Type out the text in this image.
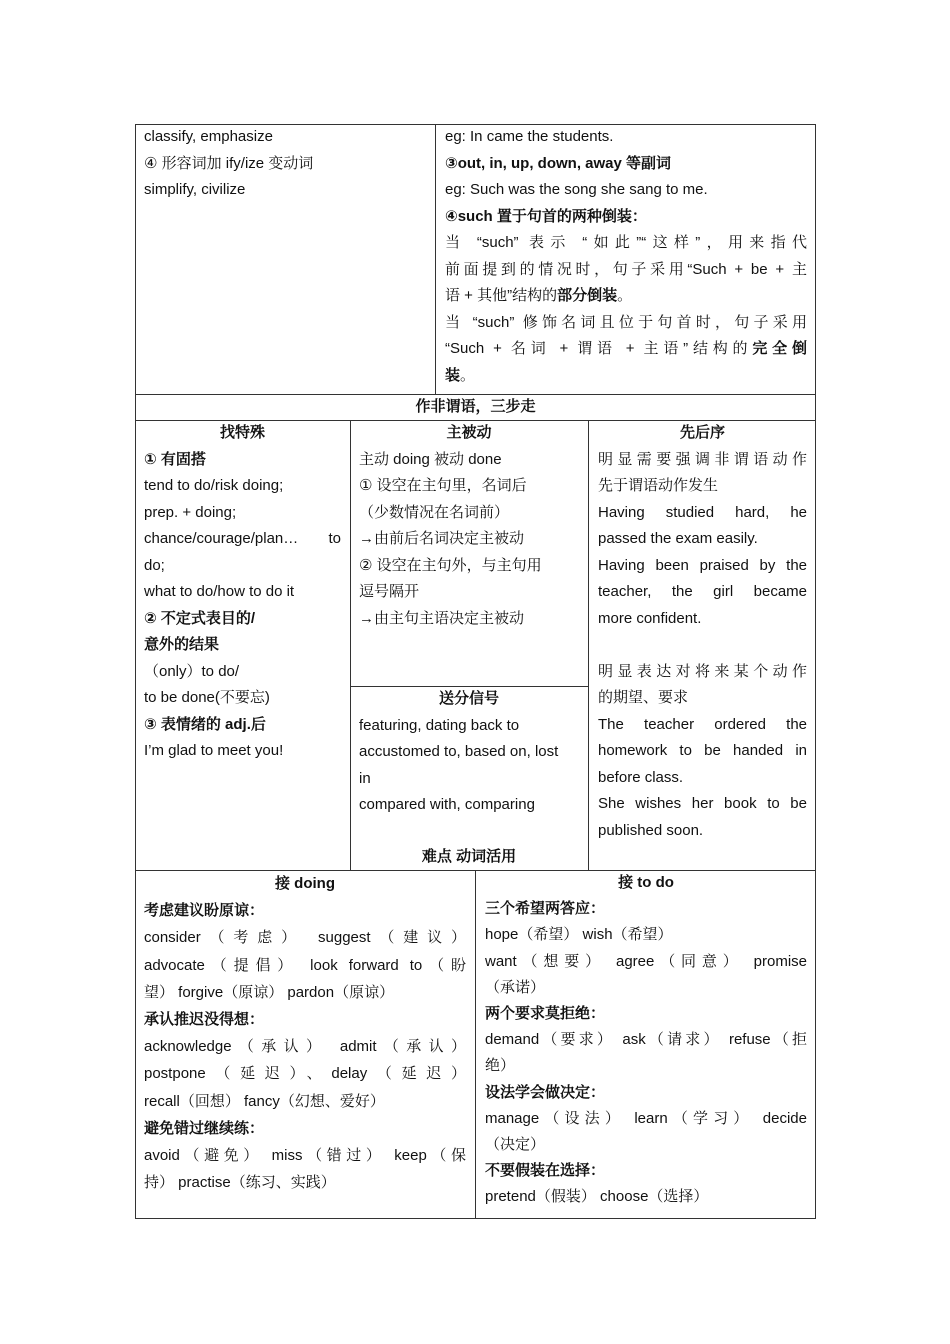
classify, emphasize
④ 形容词加 ify/ize 变动词
simplify, civilize
eg: In came the students.
③out, in, up, down, away 等副词
eg: Such was the song she sang to me.
④such 置于句首的两种倒装：
当 “such” 表示 “如此”“这样”，用来指代
前面提到的情况时，句子采用“Such + be + 主
语 + 其他”结构的部分倒装。
当 “such” 修饰名词且位于句首时，句子采用
“Such + 名词 + 谓语 + 主语”结构的完全倒
装。
作非谓语，三步走
找特殊
① 有固搭
tend to do/risk doing;
prep. + doing;
chance/courage/plan… to
do;
what to do/how to do it
② 不定式表目的/
意外的结果
（only）to do/
to be done(不要忘)
③ 表情绪的 adj.后
I’m glad to meet you!
主被动
主动 doing 被动 done
① 设空在主句里，名词后
（少数情况在名词前）
→由前后名词决定主被动
② 设空在主句外，与主句用
逗号隔开
→由主句主语决定主被动
送分信号
featuring, dating back to
accustomed to, based on, lost
in
compared with, comparing
难点 动词活用
先后序
明显需要强调非谓语动作
先于谓语动作发生
Having studied hard, he
passed the exam easily.
Having been praised by the
teacher, the girl became
more confident.

明显表达对将来某个动作
的期望、要求
The teacher ordered the
homework to be handed in
before class.
She wishes her book to be
published soon.
接 doing
考虑建议盼原谅：
consider（考虑） suggest（建议）
advocate（提倡） look forward to（盼
望） forgive（原谅） pardon（原谅）
承认推迟没得想：
acknowledge（承认） admit（承认）
postpone（延迟）、delay（延迟）
recall（回想） fancy（幻想、爱好）
避免错过继续练：
avoid（避免） miss（错过） keep（保
持） practise（练习、实践）
接 to do
三个希望两答应：
hope（希望） wish（希望）
want（想要） agree（同意） promise
（承诺）
两个要求莫拒绝：
demand（要求） ask（请求） refuse（拒
绝）
设法学会做决定：
manage（设法） learn（学习） decide
（决定）
不要假装在选择：
pretend（假装） choose（选择）
